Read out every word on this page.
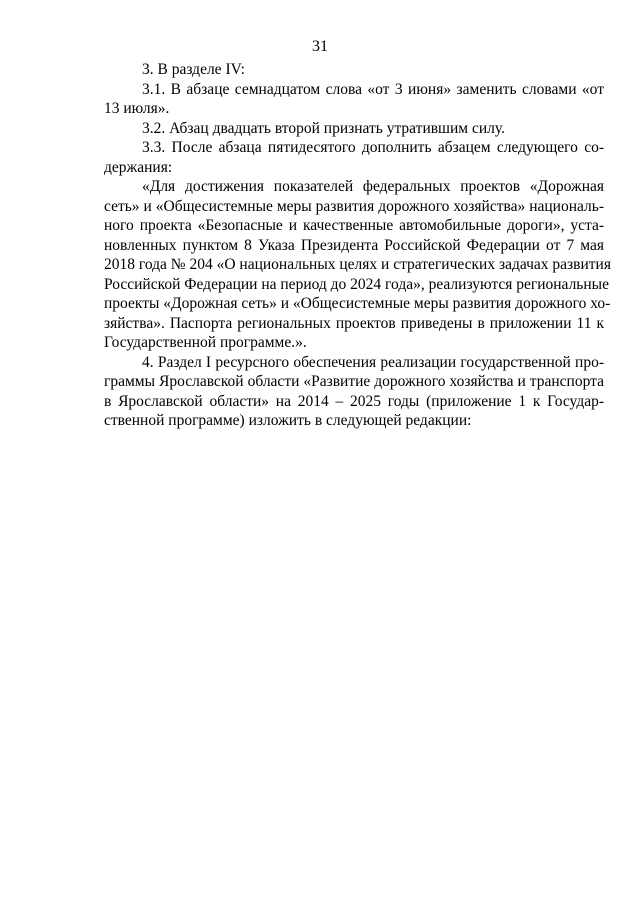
31
3. В разделе IV:
3.1. В абзаце семнадцатом слова «от 3 июня» заменить словами «от
13 июля».
3.2. Абзац двадцать второй признать утратившим силу.
3.3. После абзаца пятидесятого дополнить абзацем следующего со-
держания:
«Для достижения показателей федеральных проектов «Дорожная
сеть» и «Общесистемные меры развития дорожного хозяйства» националь-
ного проекта «Безопасные и качественные автомобильные дороги», уста-
новленных пунктом 8 Указа Президента Российской Федерации от 7 мая
2018 года № 204 «О национальных целях и стратегических задачах развития
Российской Федерации на период до 2024 года», реализуются региональные
проекты «Дорожная сеть» и «Общесистемные меры развития дорожного хо-
зяйства». Паспорта региональных проектов приведены в приложении 11 к
Государственной программе.».
4. Раздел I ресурсного обеспечения реализации государственной про-
граммы Ярославской области «Развитие дорожного хозяйства и транспорта
в Ярославской области» на 2014 – 2025 годы (приложение 1 к Государ-
ственной программе) изложить в следующей редакции:
